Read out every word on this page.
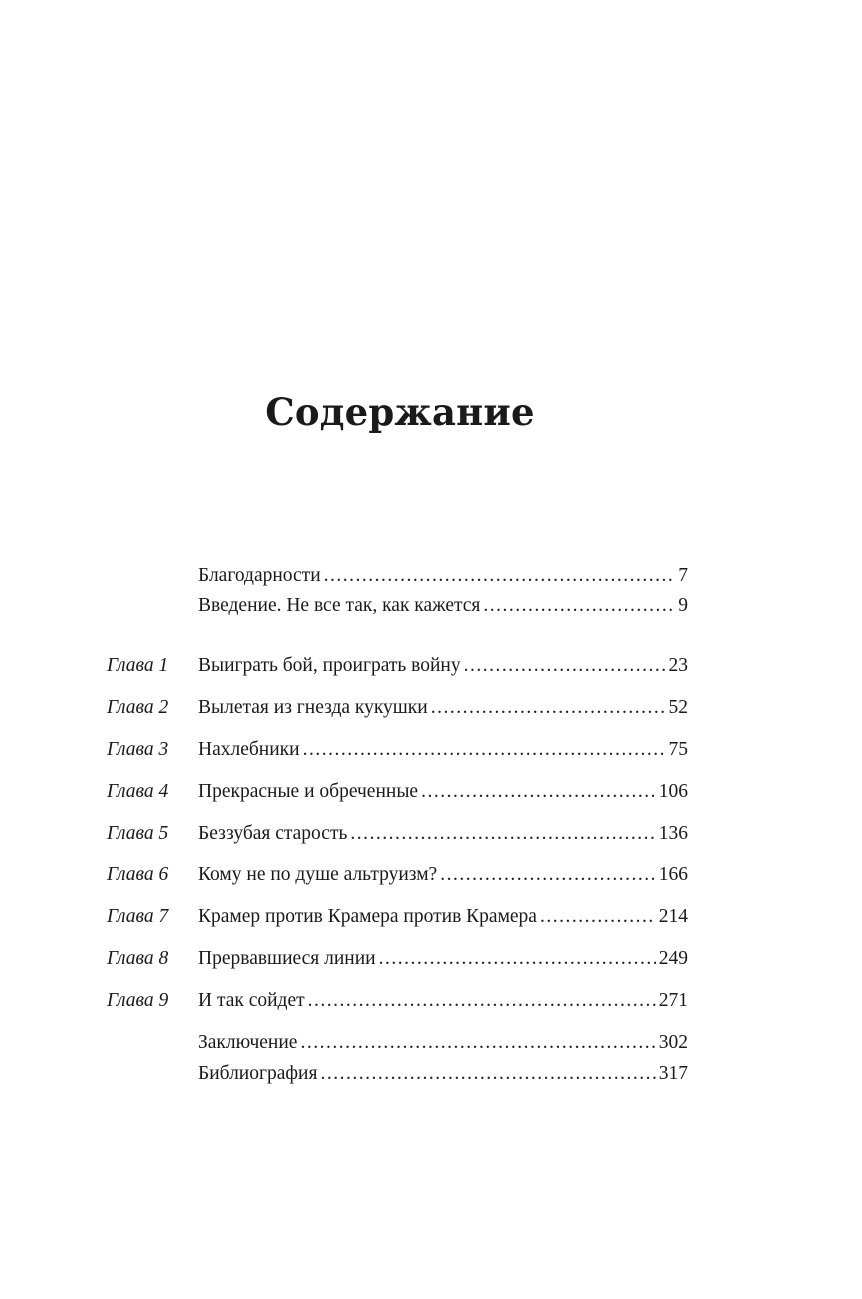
Содержание
Благодарности .....	7
Введение. Не все так, как кажется .....	9
Глава 1 Выиграть бой, проиграть войну .....	23
Глава 2 Вылетая из гнезда кукушки .....	52
Глава 3 Нахлебники .....	75
Глава 4 Прекрасные и обреченные .....	106
Глава 5 Беззубая старость .....	136
Глава 6 Кому не по душе альтруизм? .....	166
Глава 7 Крамер против Крамера против Крамера .....	214
Глава 8 Прервавшиеся линии .....	249
Глава 9 И так сойдет .....	271
Заключение .....	302
Библиография .....	317
